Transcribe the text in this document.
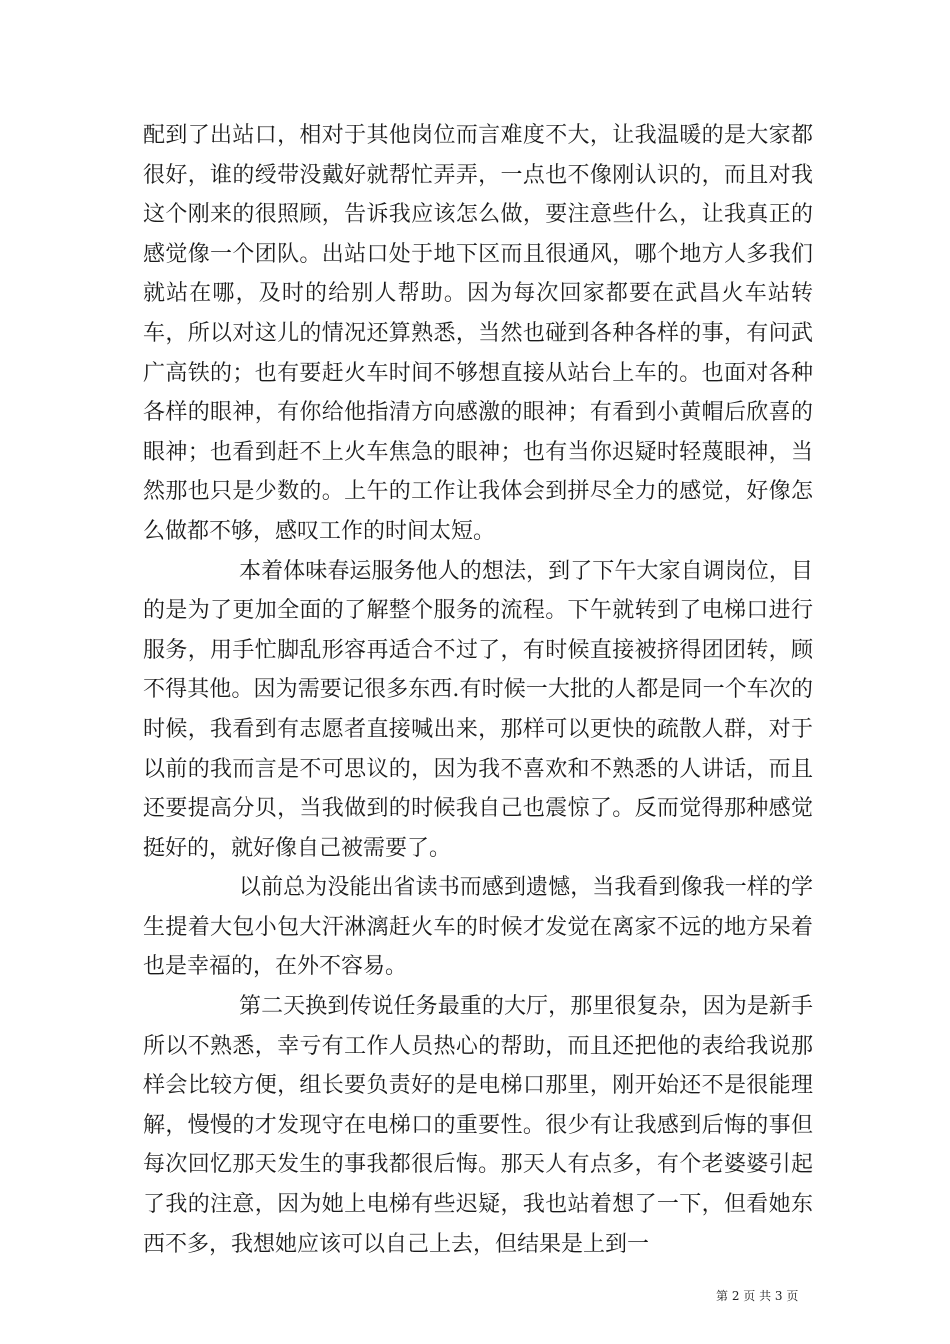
配到了出站口，相对于其他岗位而言难度不大，让我温暖的是大家都很好，谁的绶带没戴好就帮忙弄弄，一点也不像刚认识的，而且对我这个刚来的很照顾，告诉我应该怎么做，要注意些什么，让我真正的感觉像一个团队。出站口处于地下区而且很通风，哪个地方人多我们就站在哪，及时的给别人帮助。因为每次回家都要在武昌火车站转车，所以对这儿的情况还算熟悉，当然也碰到各种各样的事，有问武广高铁的；也有要赶火车时间不够想直接从站台上车的。也面对各种各样的眼神，有你给他指清方向感激的眼神；有看到小黄帽后欣喜的眼神；也看到赶不上火车焦急的眼神；也有当你迟疑时轻蔑眼神，当然那也只是少数的。上午的工作让我体会到拼尽全力的感觉，好像怎么做都不够，感叹工作的时间太短。

本着体味春运服务他人的想法，到了下午大家自调岗位，目的是为了更加全面的了解整个服务的流程。下午就转到了电梯口进行服务，用手忙脚乱形容再适合不过了，有时候直接被挤得团团转，顾不得其他。因为需要记很多东西.有时候一大批的人都是同一个车次的时候，我看到有志愿者直接喊出来，那样可以更快的疏散人群，对于以前的我而言是不可思议的，因为我不喜欢和不熟悉的人讲话，而且还要提高分贝，当我做到的时候我自己也震惊了。反而觉得那种感觉挺好的，就好像自己被需要了。

以前总为没能出省读书而感到遗憾，当我看到像我一样的学生提着大包小包大汗淋漓赶火车的时候才发觉在离家不远的地方呆着也是幸福的，在外不容易。

第二天换到传说任务最重的大厅，那里很复杂，因为是新手所以不熟悉，幸亏有工作人员热心的帮助，而且还把他的表给我说那样会比较方便，组长要负责好的是电梯口那里，刚开始还不是很能理解，慢慢的才发现守在电梯口的重要性。很少有让我感到后悔的事但每次回忆那天发生的事我都很后悔。那天人有点多，有个老婆婆引起了我的注意，因为她上电梯有些迟疑，我也站着想了一下，但看她东西不多，我想她应该可以自己上去，但结果是上到一

第 2 页 共 3 页
